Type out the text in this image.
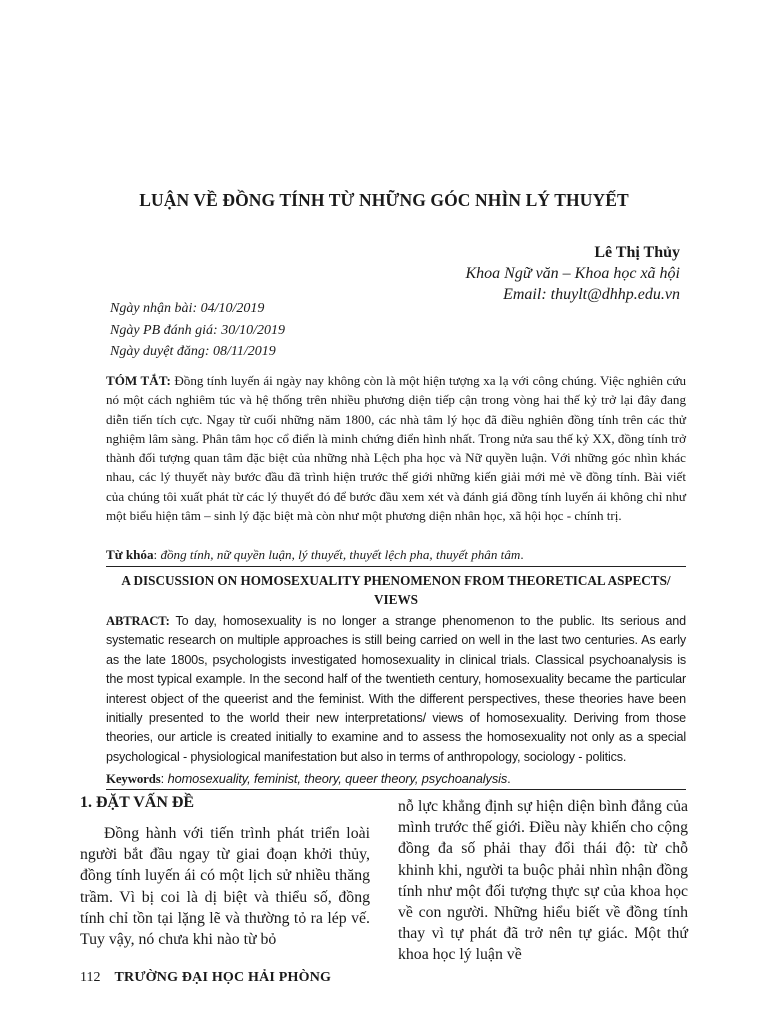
LUẬN VỀ ĐỒNG TÍNH TỪ NHỮNG GÓC NHÌN LÝ THUYẾT
Lê Thị Thủy
Khoa Ngữ văn – Khoa học xã hội
Email: thuylt@dhhp.edu.vn
Ngày nhận bài: 04/10/2019
Ngày PB đánh giá: 30/10/2019
Ngày duyệt đăng: 08/11/2019
TÓM TẮT: Đồng tính luyến ái ngày nay không còn là một hiện tượng xa lạ với công chúng. Việc nghiên cứu nó một cách nghiêm túc và hệ thống trên nhiều phương diện tiếp cận trong vòng hai thế kỷ trở lại đây đang diễn tiến tích cực. Ngay từ cuối những năm 1800, các nhà tâm lý học đã điều nghiên đồng tính trên các thử nghiệm lâm sàng. Phân tâm học cổ điển là minh chứng điển hình nhất. Trong nửa sau thế kỷ XX, đồng tính trở thành đối tượng quan tâm đặc biệt của những nhà Lệch pha học và Nữ quyền luận. Với những góc nhìn khác nhau, các lý thuyết này bước đầu đã trình hiện trước thế giới những kiến giải mới mẻ về đồng tính. Bài viết của chúng tôi xuất phát từ các lý thuyết đó để bước đầu xem xét và đánh giá đồng tính luyến ái không chỉ như một biểu hiện tâm – sinh lý đặc biệt mà còn như một phương diện nhân học, xã hội học - chính trị.
Từ khóa: đồng tính, nữ quyền luận, lý thuyết, thuyết lệch pha, thuyết phân tâm.
A DISCUSSION ON HOMOSEXUALITY PHENOMENON FROM THEORETICAL ASPECTS/ VIEWS
ABTRACT: To day, homosexuality is no longer a strange phenomenon to the public. Its serious and systematic research on multiple approaches is still being carried on well in the last two centuries. As early as the late 1800s, psychologists investigated homosexuality in clinical trials. Classical psychoanalysis is the most typical example. In the second half of the twentieth century, homosexuality became the particular interest object of the queerist and the feminist. With the different perspectives, these theories have been initially presented to the world their new interpretations/ views of homosexuality. Deriving from those theories, our article is created initially to examine and to assess the homosexuality not only as a special psychological - physiological manifestation but also in terms of anthropology, sociology - politics.
Keywords: homosexuality, feminist, theory, queer theory, psychoanalysis.
1. ĐẶT VẤN ĐỀ
Đồng hành với tiến trình phát triển loài người bắt đầu ngay từ giai đoạn khởi thủy, đồng tính luyến ái có một lịch sử nhiều thăng trầm. Vì bị coi là dị biệt và thiểu số, đồng tính chỉ tồn tại lặng lẽ và thường tỏ ra lép vế. Tuy vậy, nó chưa khi nào từ bỏ
nỗ lực khẳng định sự hiện diện bình đẳng của mình trước thế giới. Điều này khiến cho cộng đồng đa số phải thay đổi thái độ: từ chỗ khinh khi, người ta buộc phải nhìn nhận đồng tính như một đối tượng thực sự của khoa học về con người. Những hiểu biết về đồng tính thay vì tự phát đã trở nên tự giác. Một thứ khoa học lý luận về
112 TRƯỜNG ĐẠI HỌC HẢI PHÒNG
